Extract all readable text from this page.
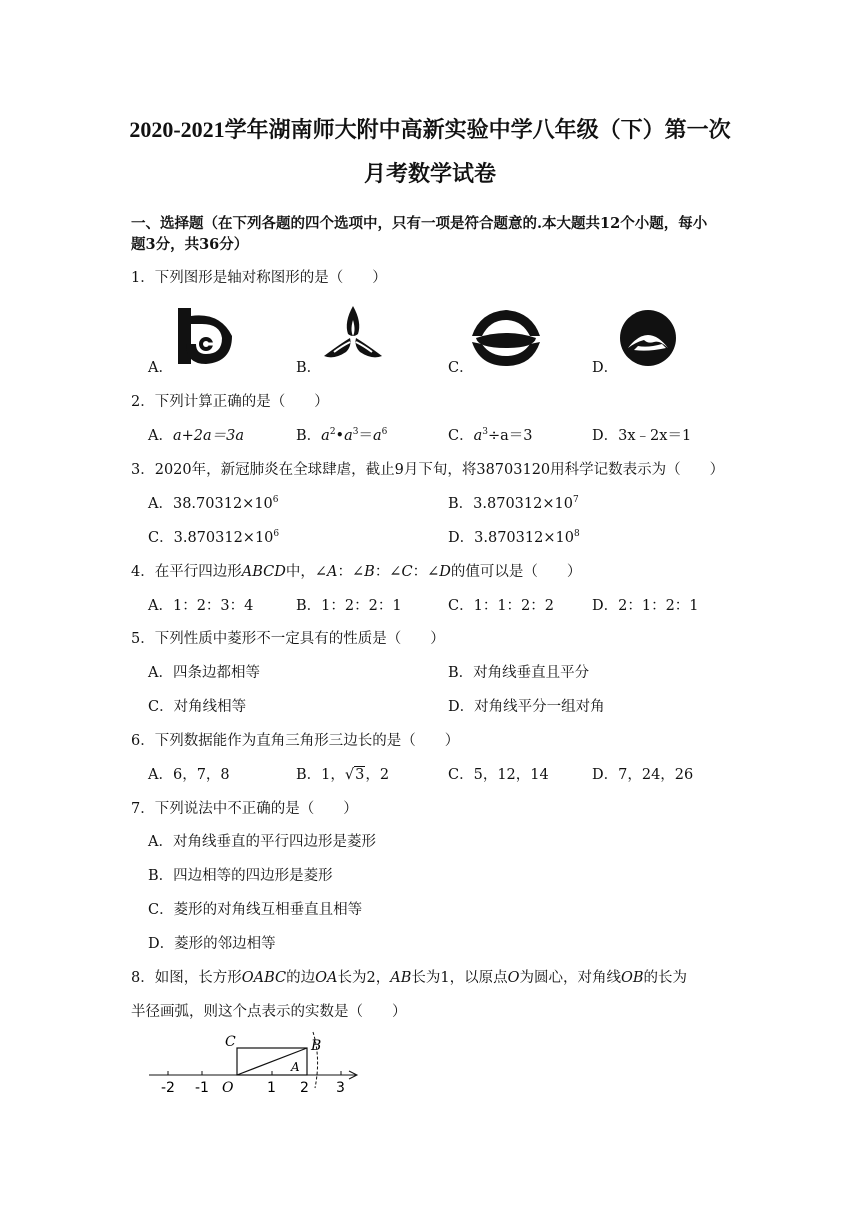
2020-2021学年湖南师大附中高新实验中学八年级（下）第一次
月考数学试卷
一、选择题（在下列各题的四个选项中，只有一项是符合题意的.本大题共12个小题，每小
题3分，共36分）
1．下列图形是轴对称图形的是（　　）
A．	B．	C．	D．
2．下列计算正确的是（　　）
A．a+2a＝3a	B．$a^2•a^3=a^6$	C．$a^3\div a=3$	D．3x﹣2x＝1
3．2020年，新冠肺炎在全球肆虐，截止9月下旬，将38703120用科学记数表示为（　　）
A．$38.70312\times 10^6$	B．$3.870312\times 10^7$
C．$3.870312\times 10^6$	D．$3.870312\times 10^8$
4．在平行四边形ABCD中，∠A：∠B：∠C：∠D的值可以是（　　）
A．1：2：3：4	B．1：2：2：1	C．1：1：2：2	D．2：1：2：1
5．下列性质中菱形不一定具有的性质是（　　）
A．四条边都相等	B．对角线垂直且平分
C．对角线相等	D．对角线平分一组对角
6．下列数据能作为直角三角形三边长的是（　　）
A．6，7，8	B．1，√3，2	C．5，12，14	D．7，24，26
7．下列说法中不正确的是（　　）
A．对角线垂直的平行四边形是菱形
B．四边相等的四边形是菱形
C．菱形的对角线互相垂直且相等
D．菱形的邻边相等
8．如图，长方形OABC的边OA长为2，AB长为1，以原点O为圆心，对角线OB的长为
半径画弧，则这个点表示的实数是（　　）
-2 -1 O 1 2 3
C	B
A
